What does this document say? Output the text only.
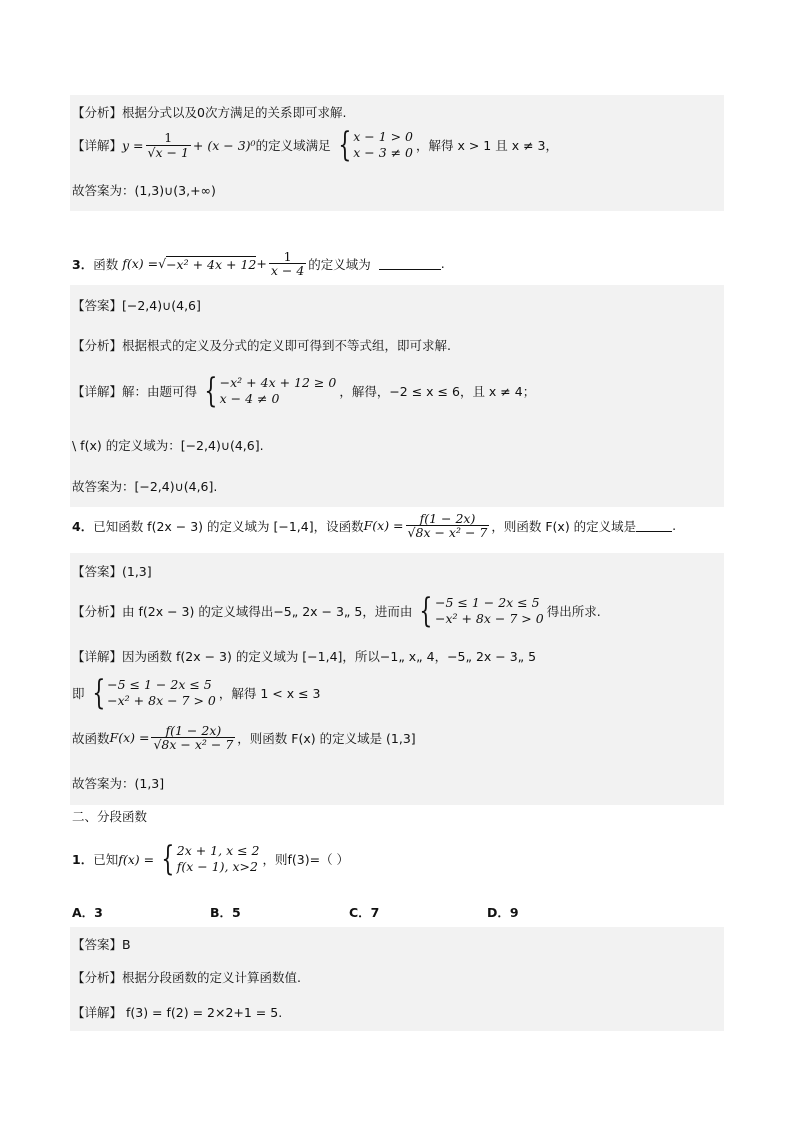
【分析】根据分式以及0次方满足的关系即可求解.
【详解】 $y = \frac{1}{√x - 1} + (x - 3)^0$ 的定义域满足 { x − 1 > 0
x − 3 ≠ 0 ，解得 x > 1 且 x ≠ 3，
故答案为：(1,3)∪(3,+∞)
3． 函数
f(x) = √ $-x^2 + 4x + 12 + \frac{1}{x - 4}$ 的定义域为
	.
【答案】[−2,4)∪(4,6]
【分析】根据根式的定义及分式的定义即可得到不等式组，即可求解.
【详解】解：由题可得 { −x² + 4x + 12 ≥ 0
x − 4 ≠ 0	，解得，−2 ≤ x ≤ 6，且 x ≠ 4；
\ f(x) 的定义域为：[−2,4)∪(4,6].
故答案为：[−2,4)∪(4,6].
4． 已知函数 f(2x − 3) 的定义域为 [−1,4]，设函数 $F(x) = \frac{f(1 - 2x)}{\text{√8x − x² − 7}}$ ，则函数 F(x) 的定义域是	.
【答案】(1,3]
【分析】由 f(2x − 3) 的定义域得出−5„ 2x − 3„ 5，进而由 { −5 ≤ 1 − 2x ≤ 5
−x² + 8x − 7 > 0 得出所求.
【详解】因为函数 f(2x − 3) 的定义域为 [−1,4]，所以−1„ x„ 4，−5„ 2x − 3„ 5
即 { −5 ≤ 1 − 2x ≤ 5
−x² + 8x − 7 > 0 ，解得 1 < x ≤ 3
故函数 $F(x) = \frac{f(1 - 2x)}{\text{√8x − x² − 7}}$ ，则函数 F(x) 的定义域是 (1,3]
故答案为：(1,3]
二、分段函数
1． 已知 f(x) = { 2x + 1, x ≤ 2
f(x − 1), x>2 ，则f(3)=（ ）
A．3	B．5	C．7	D．9
【答案】B
【分析】根据分段函数的定义计算函数值.
【详解】 f(3) = f(2) = 2×2+1 = 5.
